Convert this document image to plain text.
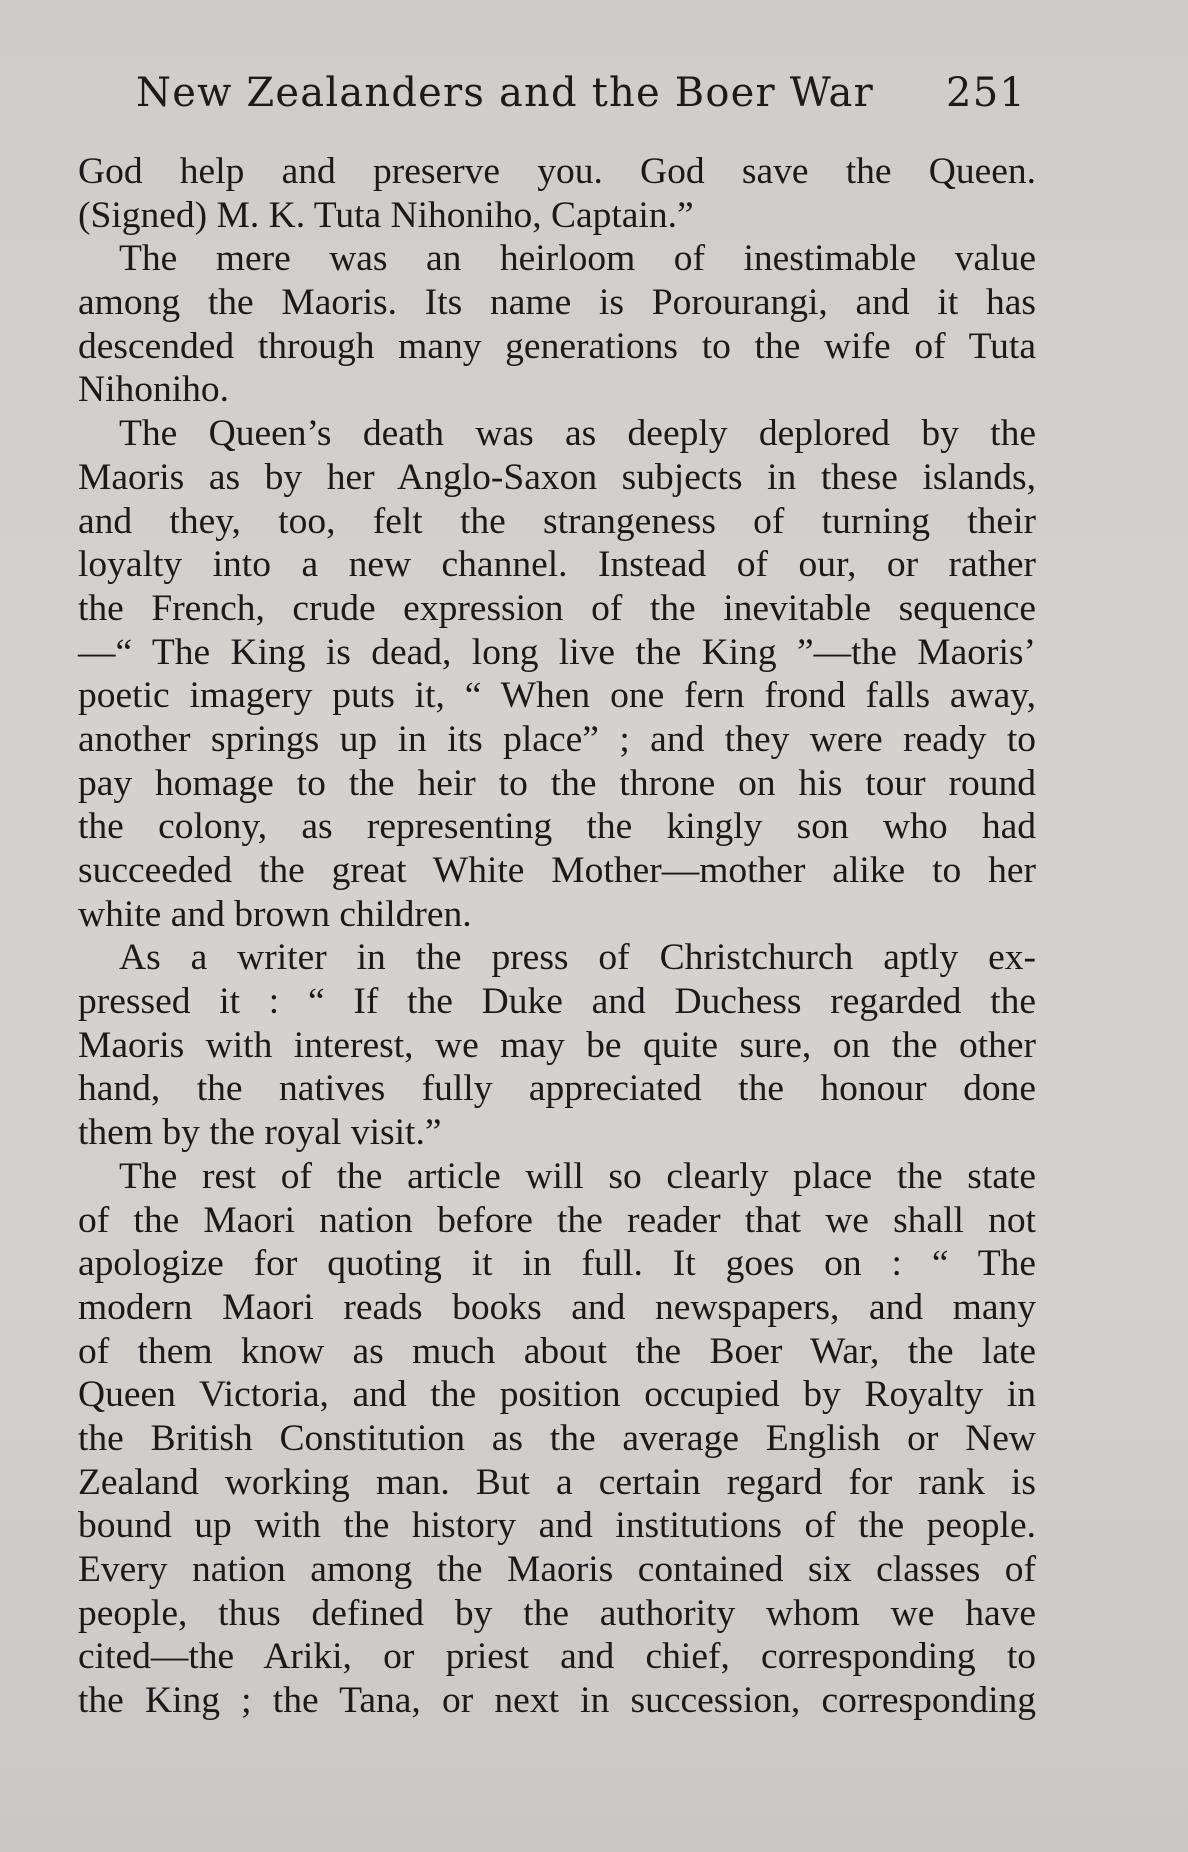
New Zealanders and the Boer War 251
God help and preserve you. God save the Queen.
(Signed) M. K. Tuta Nihoniho, Captain.”
The mere was an heirloom of inestimable value
among the Maoris. Its name is Porourangi, and it has
descended through many generations to the wife of Tuta
Nihoniho.
The Queen’s death was as deeply deplored by the
Maoris as by her Anglo-Saxon subjects in these islands,
and they, too, felt the strangeness of turning their
loyalty into a new channel. Instead of our, or rather
the French, crude expression of the inevitable sequence
—“ The King is dead, long live the King ”—the Maoris’
poetic imagery puts it, “ When one fern frond falls away,
another springs up in its place” ; and they were ready to
pay homage to the heir to the throne on his tour round
the colony, as representing the kingly son who had
succeeded the great White Mother—mother alike to her
white and brown children.
As a writer in the press of Christchurch aptly ex-
pressed it : “ If the Duke and Duchess regarded the
Maoris with interest, we may be quite sure, on the other
hand, the natives fully appreciated the honour done
them by the royal visit.”
The rest of the article will so clearly place the state
of the Maori nation before the reader that we shall not
apologize for quoting it in full. It goes on : “ The
modern Maori reads books and newspapers, and many
of them know as much about the Boer War, the late
Queen Victoria, and the position occupied by Royalty in
the British Constitution as the average English or New
Zealand working man. But a certain regard for rank is
bound up with the history and institutions of the people.
Every nation among the Maoris contained six classes of
people, thus defined by the authority whom we have
cited—the Ariki, or priest and chief, corresponding to
the King ; the Tana, or next in succession, corresponding
